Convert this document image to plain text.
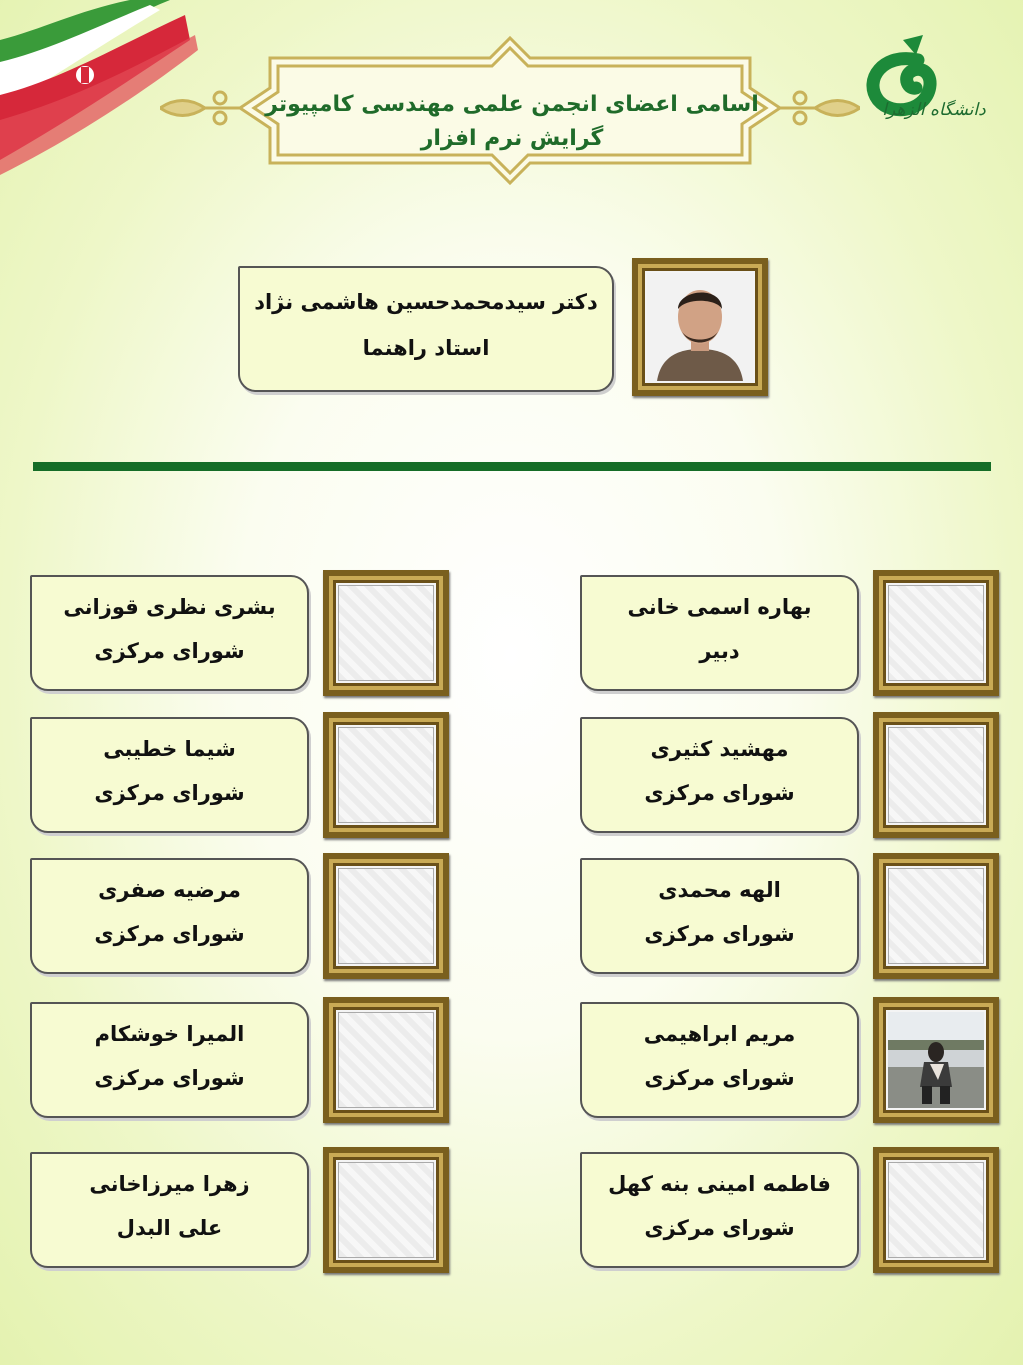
دانشگاه الزهرا
اسامی اعضای انجمن علمی مهندسی کامپیوتر
گرایش نرم افزار
دکتر سیدمحمدحسین هاشمی نژاد
استاد راهنما
بهاره اسمی خانی
دبیر
مهشید کثیری
شورای مرکزی
الهه محمدی
شورای مرکزی
مریم ابراهیمی
شورای مرکزی
فاطمه امینی بنه کهل
شورای مرکزی
بشری نظری قوزانی
شورای مرکزی
شیما خطیبی
شورای مرکزی
مرضیه صفری
شورای مرکزی
المیرا خوشکام
شورای مرکزی
زهرا میرزاخانی
علی البدل
